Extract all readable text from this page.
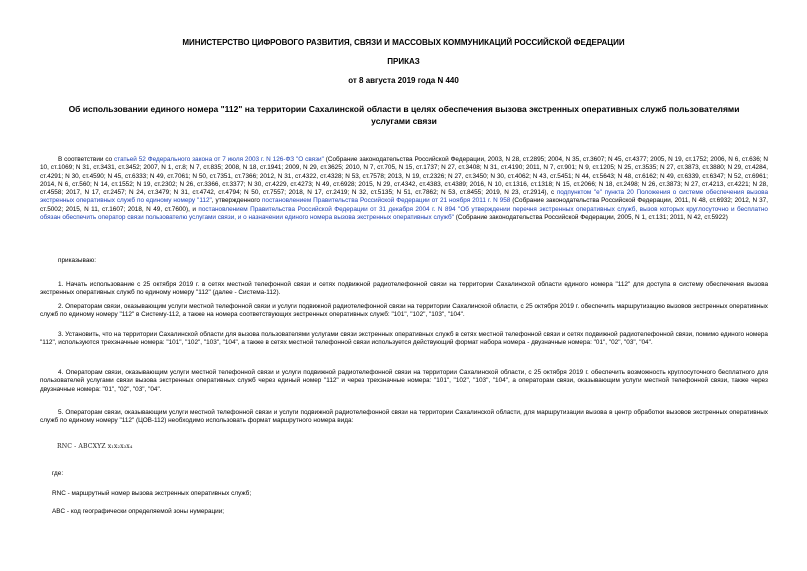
МИНИСТЕРСТВО ЦИФРОВОГО РАЗВИТИЯ, СВЯЗИ И МАССОВЫХ КОММУНИКАЦИЙ РОССИЙСКОЙ ФЕДЕРАЦИИ
ПРИКАЗ
от 8 августа 2019 года N 440
Об использовании единого номера "112" на территории Сахалинской области в целях обеспечения вызова экстренных оперативных служб пользователями услугами связи
В соответствии со статьей 52 Федерального закона от 7 июля 2003 г. N 126-ФЗ "О связи" (Собрание законодательства Российской Федерации, 2003, N 28, ст.2895; 2004, N 35, ст.3607; N 45, ст.4377; 2005, N 19, ст.1752; 2006, N 6, ст.636; N 10, ст.1069; N 31, ст.3431, ст.3452; 2007, N 1, ст.8; N 7, ст.835; 2008, N 18, ст.1941; 2009, N 29, ст.3625; 2010, N 7, ст.705, N 15, ст.1737; N 27, ст.3408; N 31, ст.4190; 2011, N 7, ст.901; N 9, ст.1205; N 25, ст.3535; N 27, ст.3873, ст.3880; N 29, ст.4284, ст.4291; N 30, ст.4590; N 45, ст.6333; N 49, ст.7061; N 50, ст.7351, ст.7366; 2012, N 31, ст.4322, ст.4328; N 53, ст.7578; 2013, N 19, ст.2326; N 27, ст.3450; N 30, ст.4062; N 43, ст.5451; N 44, ст.5643; N 48, ст.6162; N 49, ст.6339, ст.6347; N 52, ст.6961; 2014, N 6, ст.560; N 14, ст.1552; N 19, ст.2302; N 26, ст.3366, ст.3377; N 30, ст.4229, ст.4273; N 49, ст.6928; 2015, N 29, ст.4342, ст.4383, ст.4389; 2016, N 10, ст.1316, ст.1318; N 15, ст.2066; N 18, ст.2498; N 26, ст.3873; N 27, ст.4213, ст.4221; N 28, ст.4558; 2017, N 17, ст.2457; N 24, ст.3479; N 31, ст.4742, ст.4794; N 50, ст.7557; 2018, N 17, ст.2419; N 32, ст.5135; N 51, ст.7862; N 53, ст.8455; 2019, N 23, ст.2914), с подпунктом "е" пункта 20 Положения о системе обеспечения вызова экстренных оперативных служб по единому номеру "112", утвержденного постановлением Правительства Российской Федерации от 21 ноября 2011 г. N 958 (Собрание законодательства Российской Федерации, 2011, N 48, ст.6932; 2012, N 37, ст.5002; 2015, N 11, ст.1607; 2018, N 49, ст.7600), и постановлением Правительства Российской Федерации от 31 декабря 2004 г. N 894 "Об утверждении перечня экстренных оперативных служб, вызов которых круглосуточно и бесплатно обязан обеспечить оператор связи пользователю услугами связи, и о назначении единого номера вызова экстренных оперативных служб" (Собрание законодательства Российской Федерации, 2005, N 1, ст.131; 2011, N 42, ст.5922)
приказываю:
1. Начать использование с 25 октября 2019 г. в сетях местной телефонной связи и сетях подвижной радиотелефонной связи на территории Сахалинской области единого номера "112" для доступа в систему обеспечения вызова экстренных оперативных служб по единому номеру "112" (далее - Система-112).
2. Операторам связи, оказывающим услуги местной телефонной связи и услуги подвижной радиотелефонной связи на территории Сахалинской области, с 25 октября 2019 г. обеспечить маршрутизацию вызовов экстренных оперативных служб по единому номеру "112" в Систему-112, а также на номера соответствующих экстренных оперативных служб: "101", "102", "103", "104".
3. Установить, что на территории Сахалинской области для вызова пользователями услугами связи экстренных оперативных служб в сетях местной телефонной связи и сетях подвижной радиотелефонной связи, помимо единого номера "112", используются трехзначные номера: "101", "102", "103", "104", а также в сетях местной телефонной связи используется действующий формат набора номера - двузначные номера: "01", "02", "03", "04".
4. Операторам связи, оказывающим услуги местной телефонной связи и услуги подвижной радиотелефонной связи на территории Сахалинской области, с 25 октября 2019 г. обеспечить возможность круглосуточного бесплатного для пользователей услугами связи вызова экстренных оперативных служб через единый номер "112" и через трехзначные номера: "101", "102", "103", "104", а операторам связи, оказывающим услуги местной телефонной связи, также через двузначные номера: "01", "02", "03", "04".
5. Операторам связи, оказывающим услуги местной телефонной связи и услуги подвижной радиотелефонной связи на территории Сахалинской области, для маршрутизации вызова в центр обработки вызовов экстренных оперативных служб по единому номеру "112" (ЦОВ-112) необходимо использовать формат маршрутного номера вида:
RNC - ABCXYZ x₁x₂x₃x₄
где:
RNC - маршрутный номер вызова экстренных оперативных служб;
ABC - код географически определяемой зоны нумерации;
